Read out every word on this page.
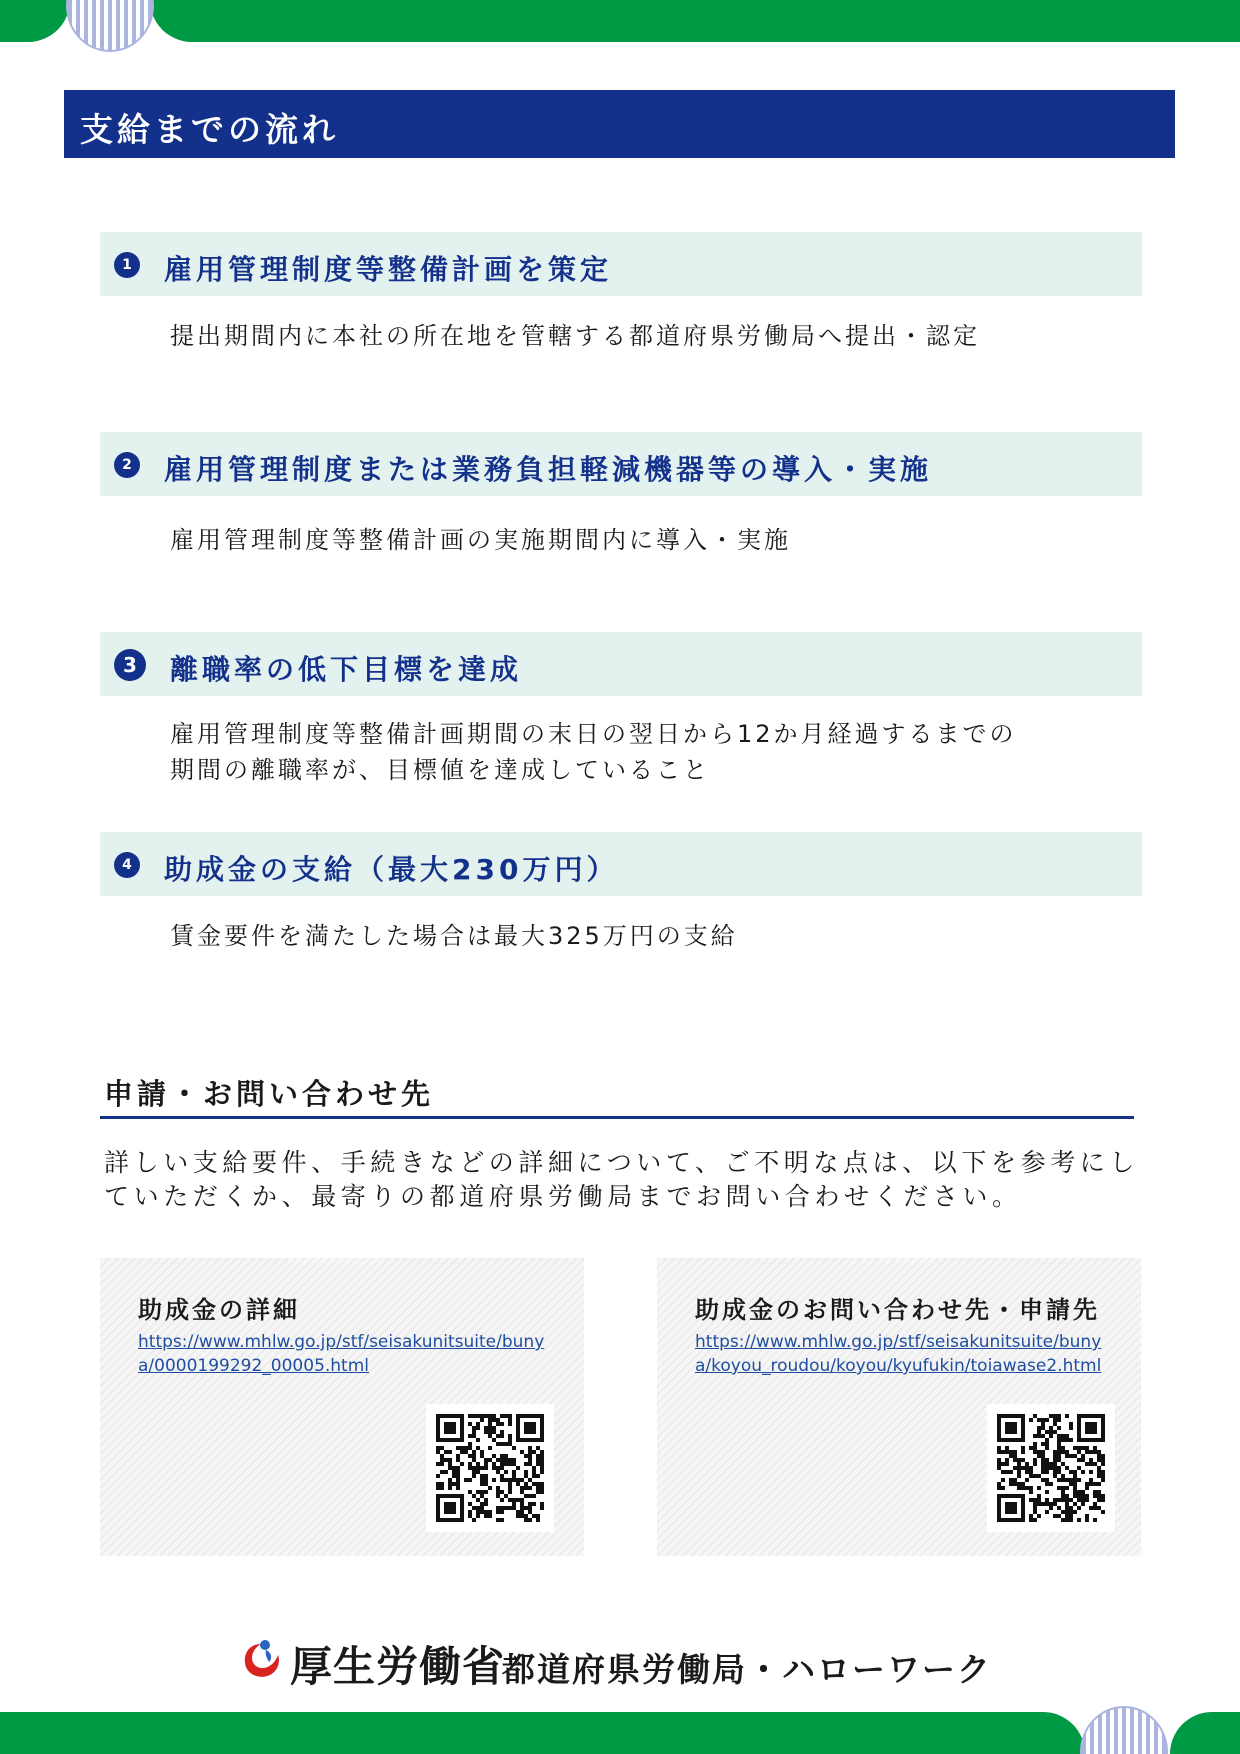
支給までの流れ
1 雇用管理制度等整備計画を策定
提出期間内に本社の所在地を管轄する都道府県労働局へ提出・認定
2 雇用管理制度または業務負担軽減機器等の導入・実施
雇用管理制度等整備計画の実施期間内に導入・実施
3	離職率の低下目標を達成
雇用管理制度等整備計画期間の末日の翌日から12か月経過するまでの
期間の離職率が、目標値を達成していること
4 助成金の支給（最大230万円）
賃金要件を満たした場合は最大325万円の支給
申請・お問い合わせ先
詳しい支給要件、手続きなどの詳細について、ご不明な点は、以下を参考にしていただくか、最寄りの都道府県労働局までお問い合わせください。
助成金の詳細
https://www.mhlw.go.jp/stf/seisakunitsuite/bunya/0000199292_00005.html
助成金のお問い合わせ先・申請先
https://www.mhlw.go.jp/stf/seisakunitsuite/bunya/koyou_roudou/koyou/kyufukin/toiawase2.html
厚生労働省
都道府県労働局・ハローワーク
